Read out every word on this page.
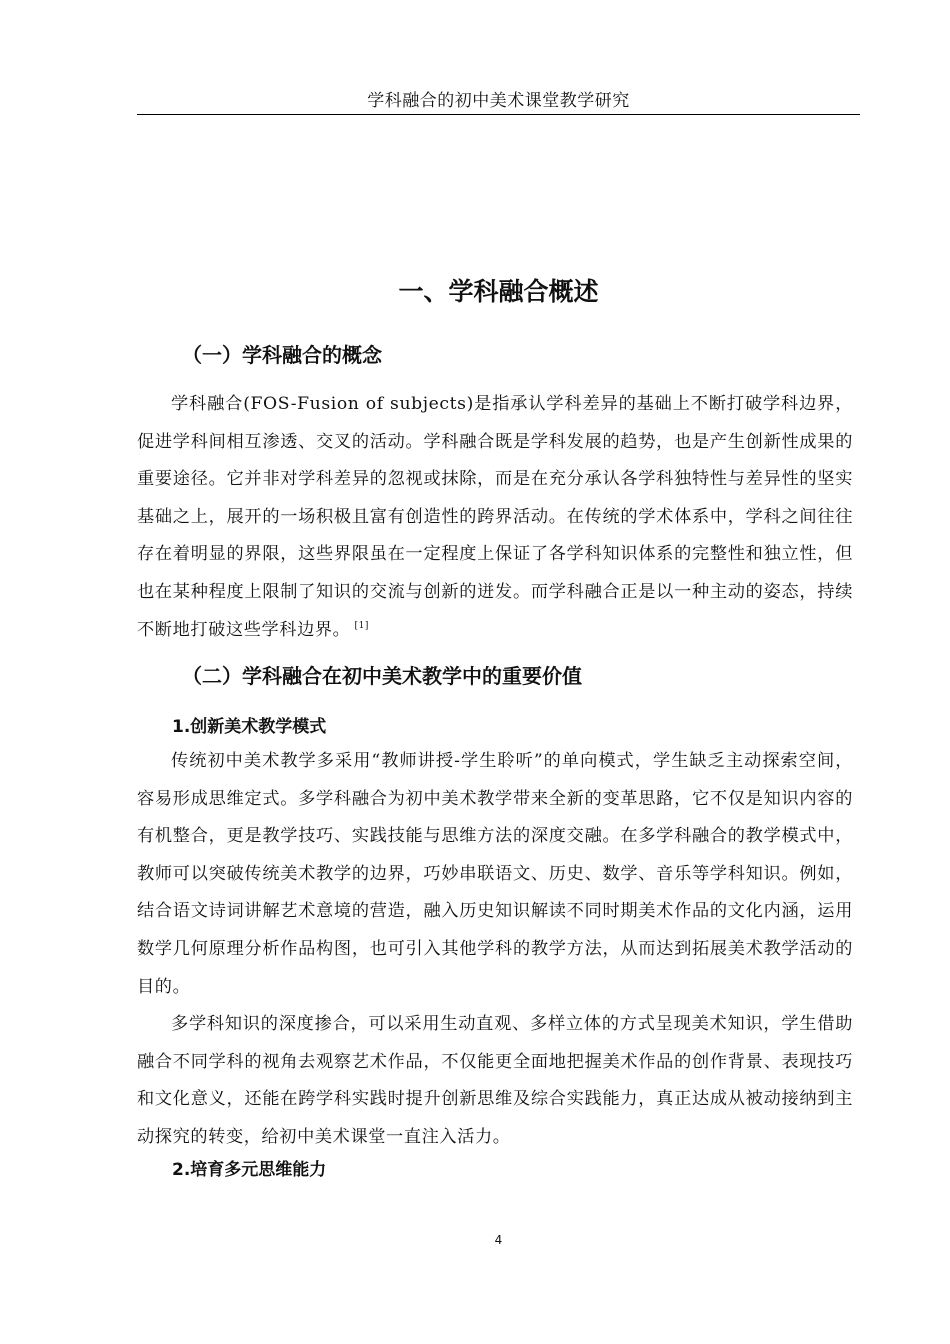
学科融合的初中美术课堂教学研究
一、学科融合概述
（一）学科融合的概念

学科融合(FOS-Fusion of subjects)是指承认学科差异的基础上不断打破学科边界，促进学科间相互渗透、交叉的活动。学科融合既是学科发展的趋势，也是产生创新性成果的重要途径。它并非对学科差异的忽视或抹除，而是在充分承认各学科独特性与差异性的坚实基础之上，展开的一场积极且富有创造性的跨界活动。在传统的学术体系中，学科之间往往存在着明显的界限，这些界限虽在一定程度上保证了各学科知识体系的完整性和独立性，但也在某种程度上限制了知识的交流与创新的迸发。而学科融合正是以一种主动的姿态，持续不断地打破这些学科边界。 [1]

（二）学科融合在初中美术教学中的重要价值
1.创新美术教学模式

传统初中美术教学多采用“教师讲授-学生聆听”的单向模式，学生缺乏主动探索空间，容易形成思维定式。多学科融合为初中美术教学带来全新的变革思路，它不仅是知识内容的有机整合，更是教学技巧、实践技能与思维方法的深度交融。在多学科融合的教学模式中，教师可以突破传统美术教学的边界，巧妙串联语文、历史、数学、音乐等学科知识。例如，结合语文诗词讲解艺术意境的营造，融入历史知识解读不同时期美术作品的文化内涵，运用数学几何原理分析作品构图，也可引入其他学科的教学方法，从而达到拓展美术教学活动的目的。

多学科知识的深度掺合，可以采用生动直观、多样立体的方式呈现美术知识，学生借助融合不同学科的视角去观察艺术作品，不仅能更全面地把握美术作品的创作背景、表现技巧和文化意义，还能在跨学科实践时提升创新思维及综合实践能力，真正达成从被动接纳到主动探究的转变，给初中美术课堂一直注入活力。

2.培育多元思维能力
4
